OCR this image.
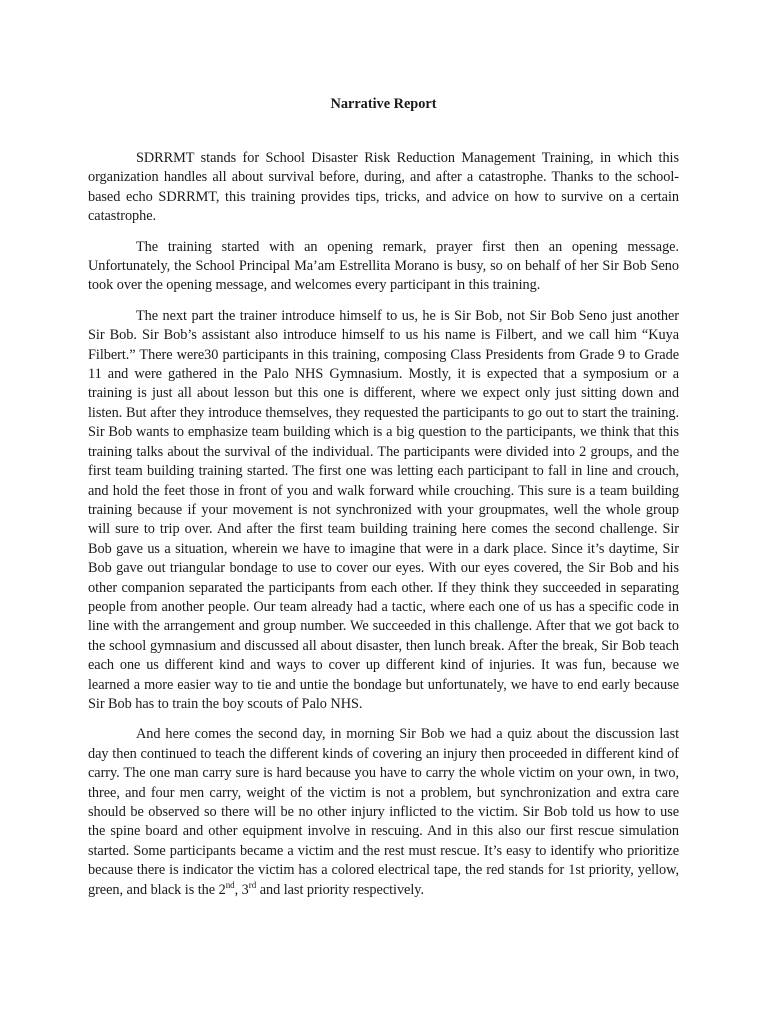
Narrative Report

SDRRMT stands for School Disaster Risk Reduction Management Training, in which this organization handles all about survival before, during, and after a catastrophe. Thanks to the school-based echo SDRRMT, this training provides tips, tricks, and advice on how to survive on a certain catastrophe.

The training started with an opening remark, prayer first then an opening message. Unfortunately, the School Principal Ma’am Estrellita Morano is busy, so on behalf of her Sir Bob Seno took over the opening message, and welcomes every participant in this training.

The next part the trainer introduce himself to us, he is Sir Bob, not Sir Bob Seno just another Sir Bob. Sir Bob’s assistant also introduce himself to us his name is Filbert, and we call him “Kuya Filbert.” There were30 participants in this training, composing Class Presidents from Grade 9 to Grade 11 and were gathered in the Palo NHS Gymnasium. Mostly, it is expected that a symposium or a training is just all about lesson but this one is different, where we expect only just sitting down and listen. But after they introduce themselves, they requested the participants to go out to start the training. Sir Bob wants to emphasize team building which is a big question to the participants, we think that this training talks about the survival of the individual. The participants were divided into 2 groups, and the first team building training started. The first one was letting each participant to fall in line and crouch, and hold the feet those in front of you and walk forward while crouching. This sure is a team building training because if your movement is not synchronized with your groupmates, well the whole group will sure to trip over. And after the first team building training here comes the second challenge. Sir Bob gave us a situation, wherein we have to imagine that were in a dark place. Since it’s daytime, Sir Bob gave out triangular bondage to use to cover our eyes. With our eyes covered, the Sir Bob and his other companion separated the participants from each other. If they think they succeeded in separating people from another people. Our team already had a tactic, where each one of us has a specific code in line with the arrangement and group number. We succeeded in this challenge. After that we got back to the school gymnasium and discussed all about disaster, then lunch break. After the break, Sir Bob teach each one us different kind and ways to cover up different kind of injuries. It was fun, because we learned a more easier way to tie and untie the bondage but unfortunately, we have to end early because Sir Bob has to train the boy scouts of Palo NHS.

And here comes the second day, in morning Sir Bob we had a quiz about the discussion last day then continued to teach the different kinds of covering an injury then proceeded in different kind of carry. The one man carry sure is hard because you have to carry the whole victim on your own, in two, three, and four men carry, weight of the victim is not a problem, but synchronization and extra care should be observed so there will be no other injury inflicted to the victim. Sir Bob told us how to use the spine board and other equipment involve in rescuing. And in this also our first rescue simulation started. Some participants became a victim and the rest must rescue. It’s easy to identify who prioritize because there is indicator the victim has a colored electrical tape, the red stands for 1st priority, yellow, green, and black is the 2nd, 3rd and last priority respectively.
